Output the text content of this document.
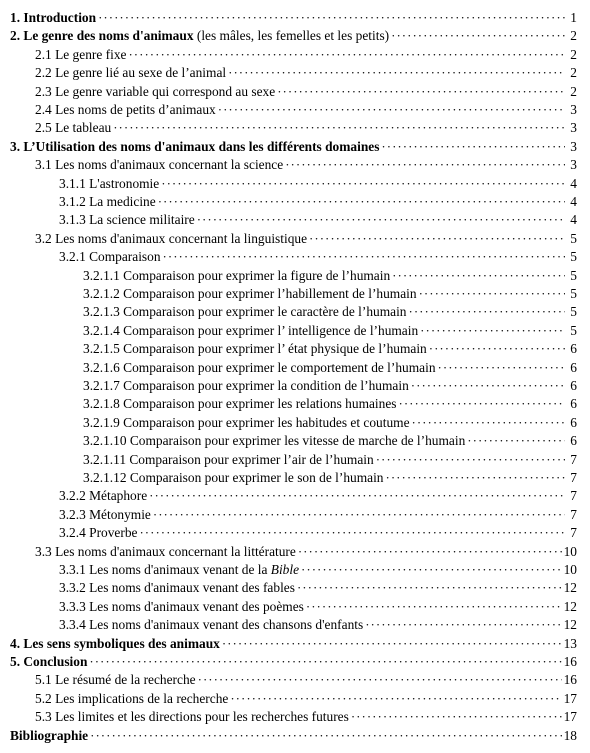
1. Introduction ·····	1
2. Le genre des noms d'animaux (les mâles, les femelles et les petits) ·····	2
2.1 Le genre fixe ·····	2
2.2 Le genre lié au sexe de l’animal ·····	2
2.3 Le genre variable qui correspond au sexe ·····	2
2.4 Les noms de petits d’animaux ·····	3
2.5 Le tableau ·····	3
3. L’Utilisation des noms d'animaux dans les différents domaines ·····	3
3.1 Les noms d'animaux concernant la science ·····	3
3.1.1 L'astronomie ·····	4
3.1.2 La medicine ·····	4
3.1.3 La science militaire ·····	4
3.2 Les noms d'animaux concernant la linguistique ·····	5
3.2.1 Comparaison ·····	5
3.2.1.1 Comparaison pour exprimer la figure de l’humain ·····	5
3.2.1.2 Comparaison pour exprimer l’habillement de l’humain ·····	5
3.2.1.3 Comparaison pour exprimer le caractère de l’humain ·····	5
3.2.1.4 Comparaison pour exprimer l’ intelligence de l’humain ·····	5
3.2.1.5 Comparaison pour exprimer l’ état physique de l’humain ·····	6
3.2.1.6 Comparaison pour exprimer le comportement de l’humain ·····	6
3.2.1.7 Comparaison pour exprimer la condition de l’humain ·····	6
3.2.1.8 Comparaison pour exprimer les relations humaines ·····	6
3.2.1.9 Comparaison pour exprimer les habitudes et coutume ·····	6
3.2.1.10 Comparaison pour exprimer les vitesse de marche de l’humain ·····	6
3.2.1.11 Comparaison pour exprimer l’air de l’humain ·····	7
3.2.1.12 Comparaison pour exprimer le son de l’humain ·····	7
3.2.2 Métaphore ·····	7
3.2.3 Métonymie ·····	7
3.2.4 Proverbe ·····	7
3.3 Les noms d'animaux concernant la littérature ·····	10
3.3.1 Les noms d'animaux venant de la Bible ·····	10
3.3.2 Les noms d'animaux venant des fables ·····	12
3.3.3 Les noms d'animaux venant des poèmes ·····	12
3.3.4 Les noms d'animaux venant des chansons d'enfants ·····	12
4. Les sens symboliques des animaux ·····	13
5. Conclusion ·····	16
5.1 Le résumé de la recherche ·····	16
5.2 Les implications de la recherche ·····	17
5.3 Les limites et les directions pour les recherches futures ·····	17
Bibliographie ·····	18
